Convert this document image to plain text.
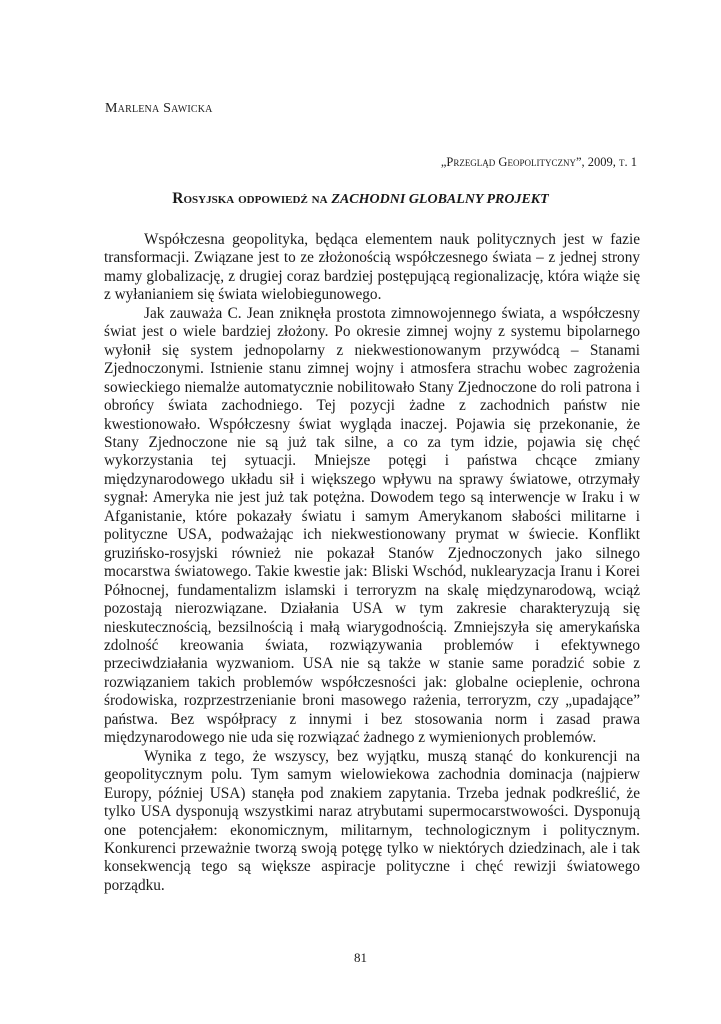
Marlena Sawicka
„Przegląd Geopolityczny”, 2009, t. 1
Rosyjska odpowiedź na ZACHODNI GLOBALNY PROJEKT

Współczesna geopolityka, będąca elementem nauk politycznych jest w fazie transformacji. Związane jest to ze złożonością współczesnego świata – z jednej strony mamy globalizację, z drugiej coraz bardziej postępującą regionalizację, która wiąże się z wyłanianiem się świata wielobiegunowego.

Jak zauważa C. Jean zniknęła prostota zimnowojennego świata, a współczesny świat jest o wiele bardziej złożony. Po okresie zimnej wojny z systemu bipolarnego wyłonił się system jednopolarny z niekwestionowanym przywódcą – Stanami Zjednoczonymi. Istnienie stanu zimnej wojny i atmosfera strachu wobec zagrożenia sowieckiego niemalże automatycznie nobilitowało Stany Zjednoczone do roli patrona i obrońcy świata zachodniego. Tej pozycji żadne z zachodnich państw nie kwestionowało. Współczesny świat wygląda inaczej. Pojawia się przekonanie, że Stany Zjednoczone nie są już tak silne, a co za tym idzie, pojawia się chęć wykorzystania tej sytuacji. Mniejsze potęgi i państwa chcące zmiany międzynarodowego układu sił i większego wpływu na sprawy światowe, otrzymały sygnał: Ameryka nie jest już tak potężna. Dowodem tego są interwencje w Iraku i w Afganistanie, które pokazały światu i samym Amerykanom słabości militarne i polityczne USA, podważając ich niekwestionowany prymat w świecie. Konflikt gruzińsko-rosyjski również nie pokazał Stanów Zjednoczonych jako silnego mocarstwa światowego. Takie kwestie jak: Bliski Wschód, nuklearyzacja Iranu i Korei Północnej, fundamentalizm islamski i terroryzm na skalę międzynarodową, wciąż pozostają nierozwiązane. Działania USA w tym zakresie charakteryzują się nieskutecznością, bezsilnością i małą wiarygodnością. Zmniejszyła się amerykańska zdolność kreowania świata, rozwiązywania problemów i efektywnego przeciwdziałania wyzwaniom. USA nie są także w stanie same poradzić sobie z rozwiązaniem takich problemów współczesności jak: globalne ocieplenie, ochrona środowiska, rozprzestrzenianie broni masowego rażenia, terroryzm, czy „upadające” państwa. Bez współpracy z innymi i bez stosowania norm i zasad prawa międzynarodowego nie uda się rozwiązać żadnego z wymienionych problemów.

Wynika z tego, że wszyscy, bez wyjątku, muszą stanąć do konkurencji na geopolitycznym polu. Tym samym wielowiekowa zachodnia dominacja (najpierw Europy, później USA) stanęła pod znakiem zapytania. Trzeba jednak podkreślić, że tylko USA dysponują wszystkimi naraz atrybutami supermocarstwowości. Dysponują one potencjałem: ekonomicznym, militarnym, technologicznym i politycznym. Konkurenci przeważnie tworzą swoją potęgę tylko w niektórych dziedzinach, ale i tak konsekwencją tego są większe aspiracje polityczne i chęć rewizji światowego porządku.

81
